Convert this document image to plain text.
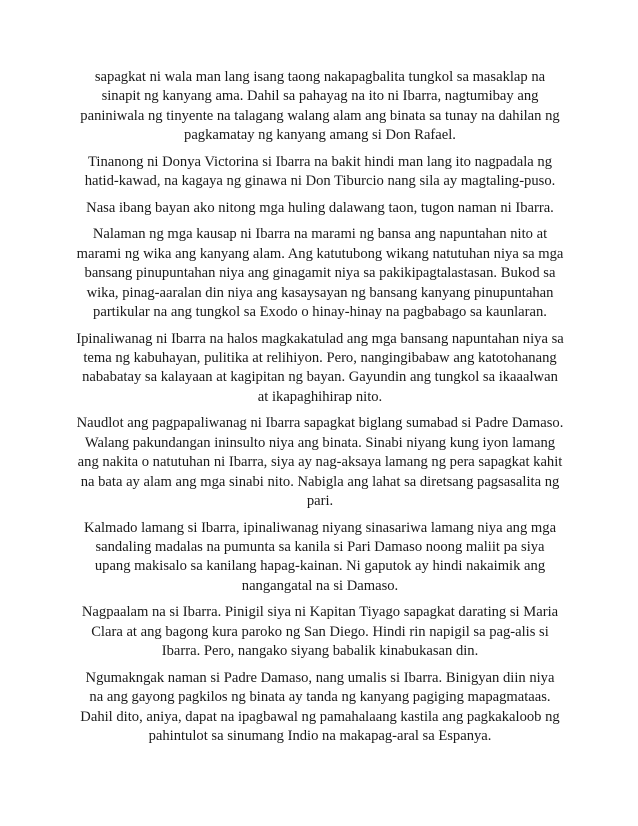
sapagkat ni wala man lang isang taong nakapagbalita tungkol sa masaklap na
sinapit ng kanyang ama. Dahil sa pahayag na ito ni Ibarra, nagtumibay ang
paniniwala ng tinyente na talagang walang alam ang binata sa tunay na dahilan ng
pagkamatay ng kanyang amang si Don Rafael.

Tinanong ni Donya Victorina si Ibarra na bakit hindi man lang ito nagpadala ng
hatid-kawad, na kagaya ng ginawa ni Don Tiburcio nang sila ay magtaling-puso.

Nasa ibang bayan ako nitong mga huling dalawang taon, tugon naman ni Ibarra.

Nalaman ng mga kausap ni Ibarra na marami ng bansa ang napuntahan nito at
marami ng wika ang kanyang alam. Ang katutubong wikang natutuhan niya sa mga
bansang pinupuntahan niya ang ginagamit niya sa pakikipagtalastasan. Bukod sa
wika, pinag-aaralan din niya ang kasaysayan ng bansang kanyang pinupuntahan
partikular na ang tungkol sa Exodo o hinay-hinay na pagbabago sa kaunlaran.

Ipinaliwanag ni Ibarra na halos magkakatulad ang mga bansang napuntahan niya sa
tema ng kabuhayan, pulitika at relihiyon. Pero, nangingibabaw ang katotohanang
nababatay sa kalayaan at kagipitan ng bayan. Gayundin ang tungkol sa ikaaalwan
at ikapaghihirap nito.

Naudlot ang pagpapaliwanag ni Ibarra sapagkat biglang sumabad si Padre Damaso.
Walang pakundangan ininsulto niya ang binata. Sinabi niyang kung iyon lamang
ang nakita o natutuhan ni Ibarra, siya ay nag-aksaya lamang ng pera sapagkat kahit
na bata ay alam ang mga sinabi nito. Nabigla ang lahat sa diretsang pagsasalita ng
pari.

Kalmado lamang si Ibarra, ipinaliwanag niyang sinasariwa lamang niya ang mga
sandaling madalas na pumunta sa kanila si Pari Damaso noong maliit pa siya
upang makisalo sa kanilang hapag-kainan. Ni gaputok ay hindi nakaimik ang
nangangatal na si Damaso.

Nagpaalam na si Ibarra. Pinigil siya ni Kapitan Tiyago sapagkat darating si Maria
Clara at ang bagong kura paroko ng San Diego. Hindi rin napigil sa pag-alis si
Ibarra. Pero, nangako siyang babalik kinabukasan din.

Ngumakngak naman si Padre Damaso, nang umalis si Ibarra. Binigyan diin niya
na ang gayong pagkilos ng binata ay tanda ng kanyang pagiging mapagmataas.
Dahil dito, aniya, dapat na ipagbawal ng pamahalaang kastila ang pagkakaloob ng
pahintulot sa sinumang Indio na makapag-aral sa Espanya.
